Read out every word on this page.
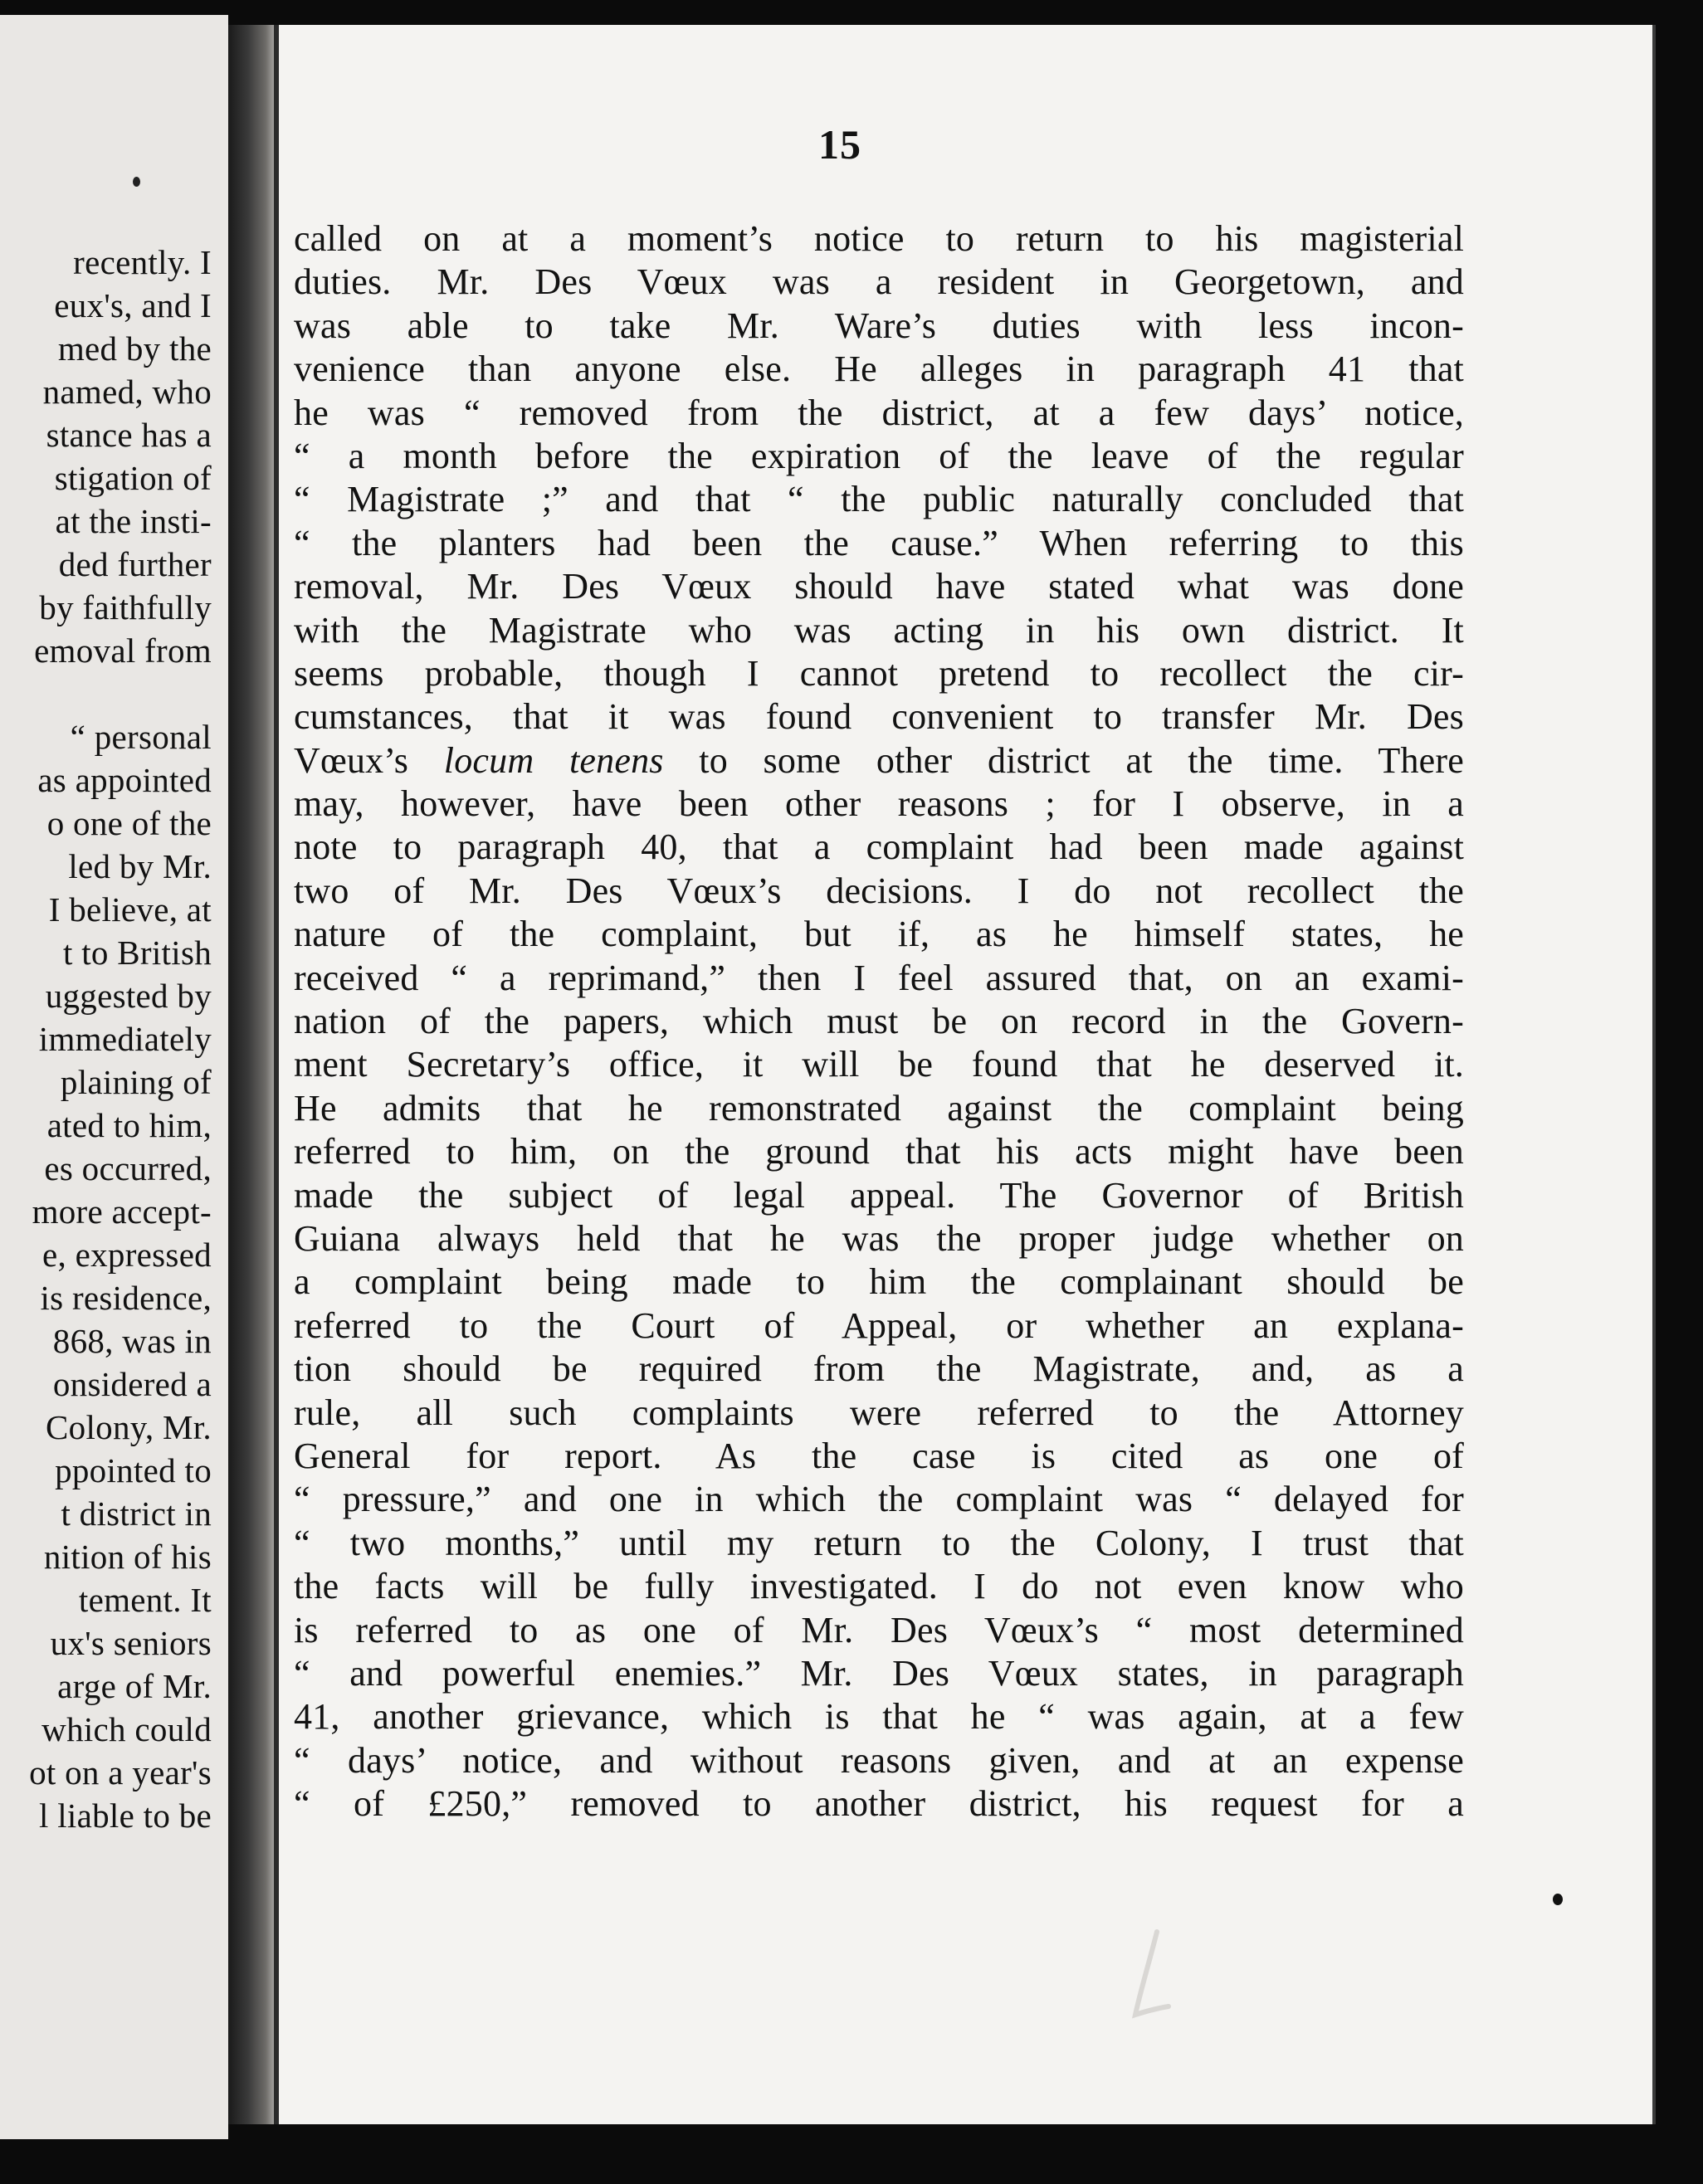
recently. I
eux's, and I
med by the
named, who
stance has a
stigation of
at the insti-
ded further
by faithfully
emoval from
“ personal
as appointed
o one of the
led by Mr.
I believe, at
t to British
uggested by
immediately
plaining of
ated to him,
es occurred,
more accept-
e, expressed
is residence,
868, was in
onsidered a
Colony, Mr.
ppointed to
t district in
nition of his
tement. It
ux's seniors
arge of Mr.
which could
ot on a year's
l liable to be
15
called on at a moment’s notice to return to his magisterial
duties. Mr. Des Vœux was a resident in Georgetown, and
was able to take Mr. Ware’s duties with less incon-
venience than anyone else. He alleges in paragraph 41 that
he was “ removed from the district, at a few days’ notice,
“ a month before the expiration of the leave of the regular
“ Magistrate ;” and that “ the public naturally concluded that
“ the planters had been the cause.” When referring to this
removal, Mr. Des Vœux should have stated what was done
with the Magistrate who was acting in his own district. It
seems probable, though I cannot pretend to recollect the cir-
cumstances, that it was found convenient to transfer Mr. Des
Vœux’s locum tenens to some other district at the time. There
may, however, have been other reasons ; for I observe, in a
note to paragraph 40, that a complaint had been made against
two of Mr. Des Vœux’s decisions. I do not recollect the
nature of the complaint, but if, as he himself states, he
received “ a reprimand,” then I feel assured that, on an exami-
nation of the papers, which must be on record in the Govern-
ment Secretary’s office, it will be found that he deserved it.
He admits that he remonstrated against the complaint being
referred to him, on the ground that his acts might have been
made the subject of legal appeal. The Governor of British
Guiana always held that he was the proper judge whether on
a complaint being made to him the complainant should be
referred to the Court of Appeal, or whether an explana-
tion should be required from the Magistrate, and, as a
rule, all such complaints were referred to the Attorney
General for report. As the case is cited as one of
“ pressure,” and one in which the complaint was “ delayed for
“ two months,” until my return to the Colony, I trust that
the facts will be fully investigated. I do not even know who
is referred to as one of Mr. Des Vœux’s “ most determined
“ and powerful enemies.” Mr. Des Vœux states, in paragraph
41, another grievance, which is that he “ was again, at a few
“ days’ notice, and without reasons given, and at an expense
“ of £250,” removed to another district, his request for a
